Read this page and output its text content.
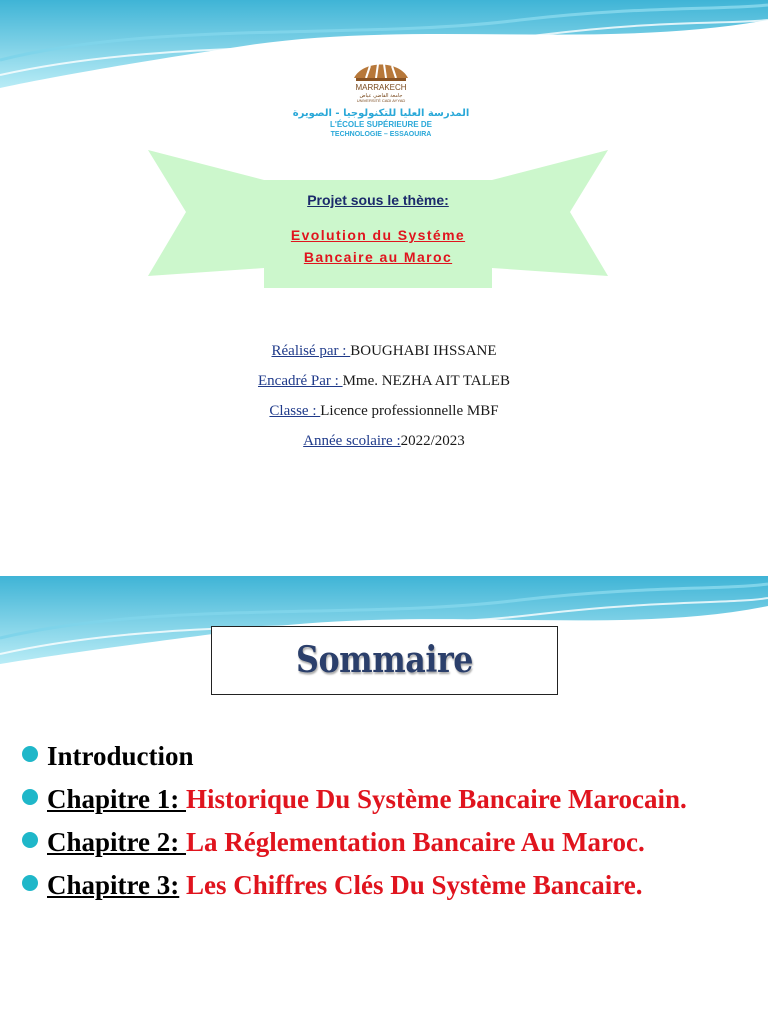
MARRAKECH
جامعة القاضي عياض
UNIVERSITÉ CADI AYYAD
المدرسة العليا للتكنولوجيا - الصويرة
L'ÉCOLE SUPÉRIEURE DE
TECHNOLOGIE – ESSAOUIRA
Projet sous le thème:
Evolution du Systéme
Bancaire au Maroc
Réalisé par : BOUGHABI IHSSANE
Encadré Par : Mme. NEZHA AIT TALEB
Classe : Licence professionnelle MBF
Année scolaire :2022/2023
Sommaire
Introduction
Chapitre 1: Historique Du Système Bancaire Marocain.
Chapitre 2: La Réglementation Bancaire Au Maroc.
Chapitre 3: Les Chiffres Clés Du Système Bancaire.
